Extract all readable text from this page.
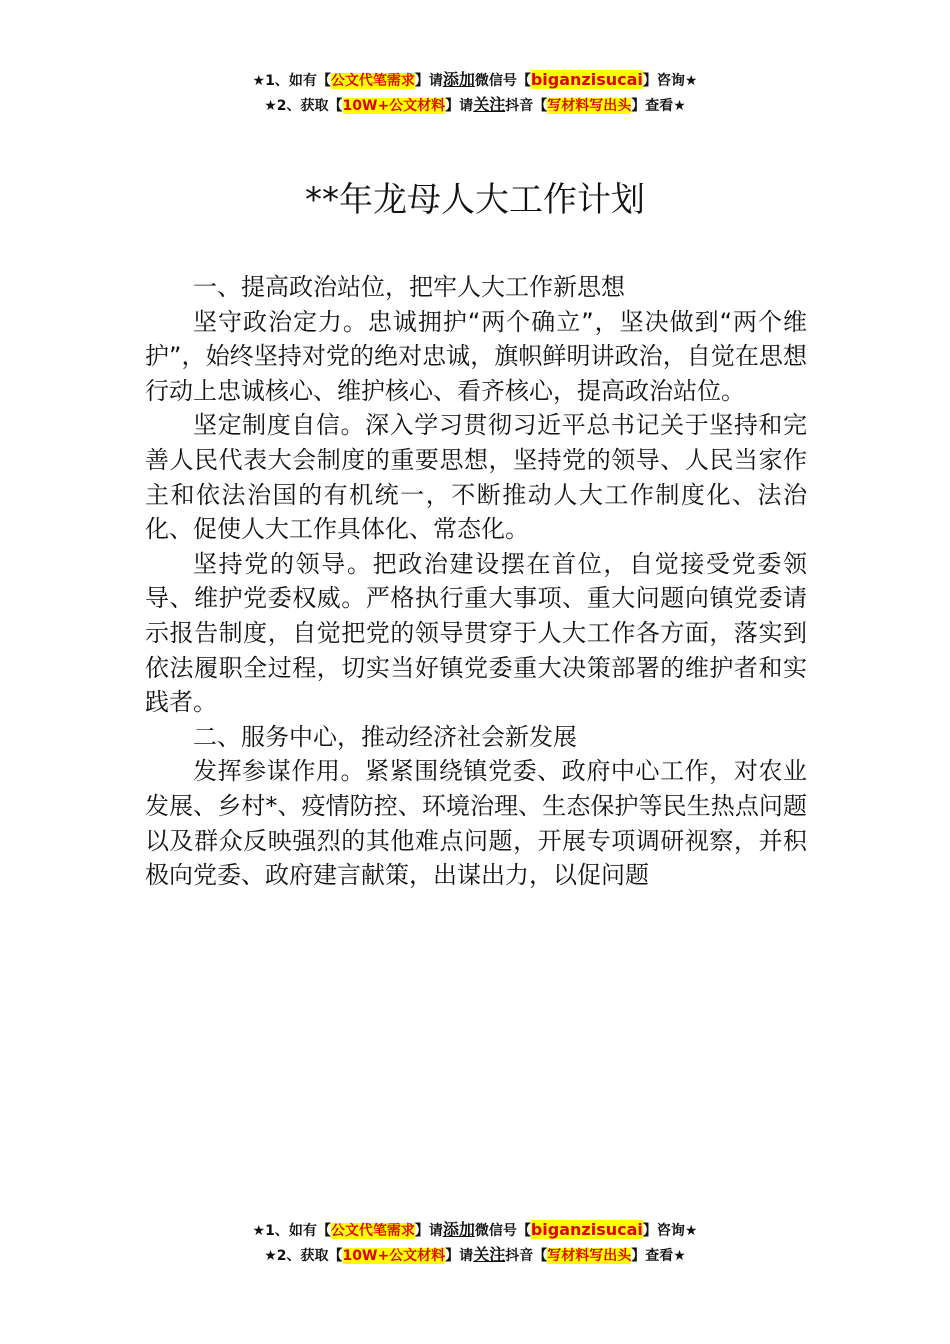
★1、如有【公文代笔需求】请添加微信号【biganzisucai】咨询★
★2、获取【10W+公文材料】请关注抖音【写材料写出头】查看★
**年龙母人大工作计划

一、提高政治站位，把牢人大工作新思想

坚守政治定力。忠诚拥护“两个确立”，坚决做到“两个维护”，始终坚持对党的绝对忠诚，旗帜鲜明讲政治，自觉在思想行动上忠诚核心、维护核心、看齐核心，提高政治站位。

坚定制度自信。深入学习贯彻习近平总书记关于坚持和完善人民代表大会制度的重要思想，坚持党的领导、人民当家作主和依法治国的有机统一，不断推动人大工作制度化、法治化、促使人大工作具体化、常态化。

坚持党的领导。把政治建设摆在首位，自觉接受党委领导、维护党委权威。严格执行重大事项、重大问题向镇党委请示报告制度，自觉把党的领导贯穿于人大工作各方面，落实到依法履职全过程，切实当好镇党委重大决策部署的维护者和实践者。

二、服务中心，推动经济社会新发展

发挥参谋作用。紧紧围绕镇党委、政府中心工作，对农业发展、乡村*、疫情防控、环境治理、生态保护等民生热点问题以及群众反映强烈的其他难点问题，开展专项调研视察，并积极向党委、政府建言献策，出谋出力，以促问题

★1、如有【公文代笔需求】请添加微信号【biganzisucai】咨询★
★2、获取【10W+公文材料】请关注抖音【写材料写出头】查看★
